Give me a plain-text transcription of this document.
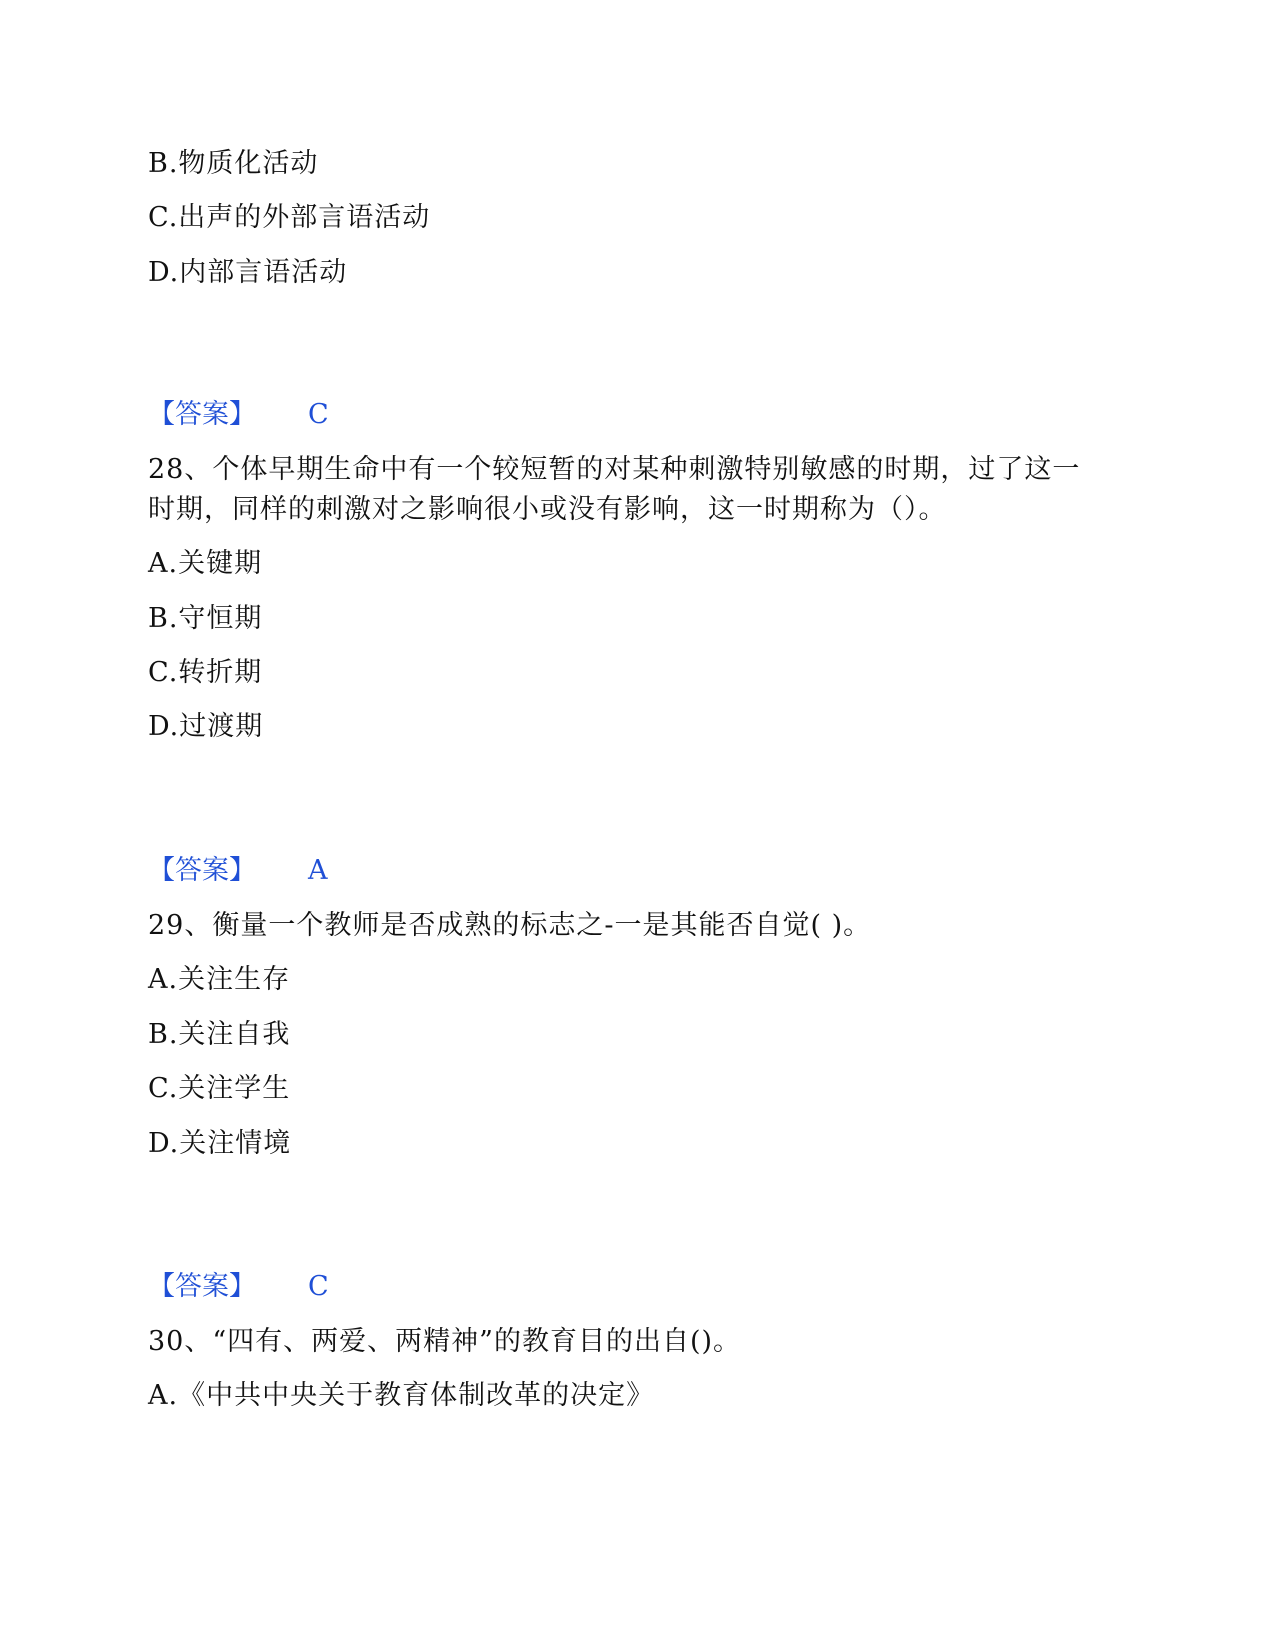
B.物质化活动
C.出声的外部言语活动
D.内部言语活动
【答案】 C
28、个体早期生命中有一个较短暂的对某种刺激特别敏感的时期，过了这一
时期，同样的刺激对之影响很小或没有影响，这一时期称为（）。
A.关键期
B.守恒期
C.转折期
D.过渡期
【答案】 A
29、衡量一个教师是否成熟的标志之-一是其能否自觉( )。
A.关注生存
B.关注自我
C.关注学生
D.关注情境
【答案】 C
30、“四有、两爱、两精神”的教育目的出自()。
A.《中共中央关于教育体制改革的决定》
